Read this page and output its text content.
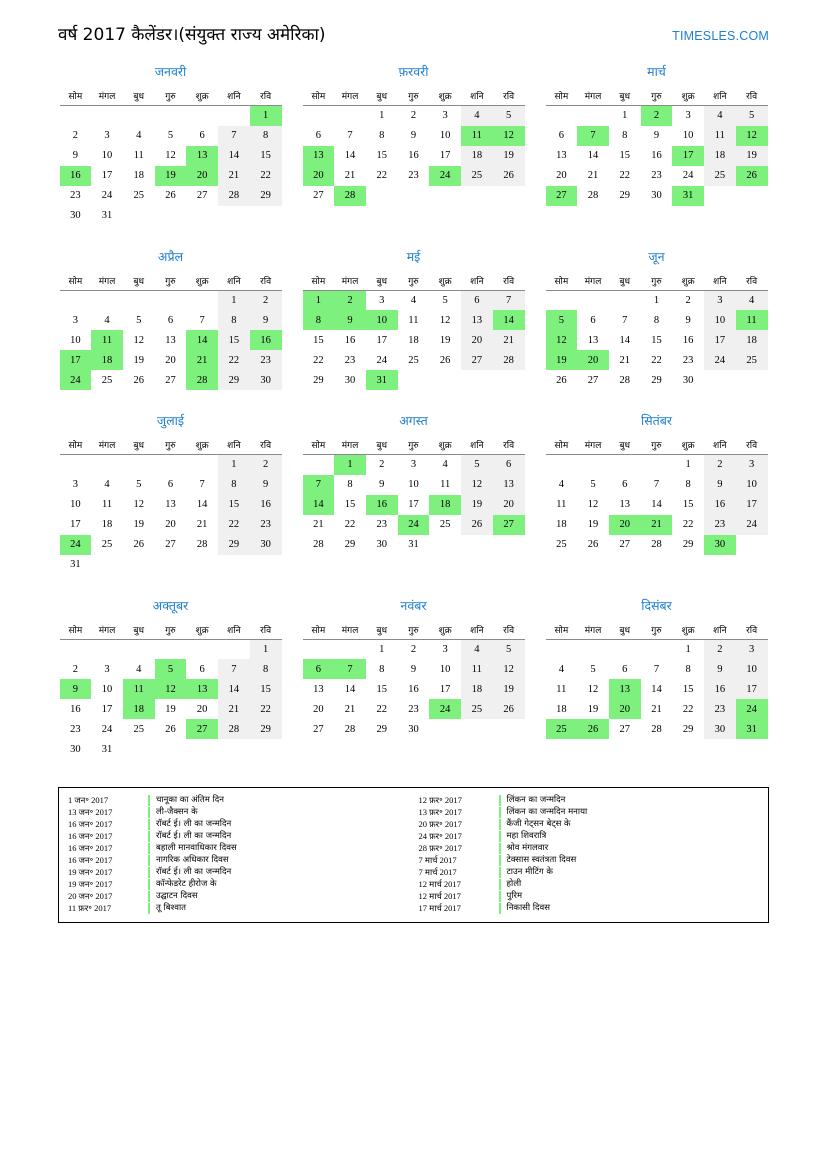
वर्ष 2017 कैलेंडर।(संयुक्त राज्य अमेरिका)	TIMESLES.COM
जनवरी
सोम	मंगल	बुध	गुरु	शुक्र	शनि	रवि
						1
2	3	4	5	6	7	8
9	10	11	12	13	14	15
16	17	18	19	20	21	22
23	24	25	26	27	28	29
30	31					
फ़रवरी
सोम	मंगल	बुध	गुरु	शुक्र	शनि	रवि
		1	2	3	4	5
6	7	8	9	10	11	12
13	14	15	16	17	18	19
20	21	22	23	24	25	26
27	28					
मार्च
सोम	मंगल	बुध	गुरु	शुक्र	शनि	रवि
		1	2	3	4	5
6	7	8	9	10	11	12
13	14	15	16	17	18	19
20	21	22	23	24	25	26
27	28	29	30	31		
अप्रैल
सोम	मंगल	बुध	गुरु	शुक्र	शनि	रवि
					1	2
3	4	5	6	7	8	9
10	11	12	13	14	15	16
17	18	19	20	21	22	23
24	25	26	27	28	29	30
मई
सोम	मंगल	बुध	गुरु	शुक्र	शनि	रवि
1	2	3	4	5	6	7
8	9	10	11	12	13	14
15	16	17	18	19	20	21
22	23	24	25	26	27	28
29	30	31				
जून
सोम	मंगल	बुध	गुरु	शुक्र	शनि	रवि
			1	2	3	4
5	6	7	8	9	10	11
12	13	14	15	16	17	18
19	20	21	22	23	24	25
26	27	28	29	30		
जुलाई
सोम	मंगल	बुध	गुरु	शुक्र	शनि	रवि
					1	2
3	4	5	6	7	8	9
10	11	12	13	14	15	16
17	18	19	20	21	22	23
24	25	26	27	28	29	30
31						
अगस्त
सोम	मंगल	बुध	गुरु	शुक्र	शनि	रवि
	1	2	3	4	5	6
7	8	9	10	11	12	13
14	15	16	17	18	19	20
21	22	23	24	25	26	27
28	29	30	31			
सितंबर
सोम	मंगल	बुध	गुरु	शुक्र	शनि	रवि
				1	2	3
4	5	6	7	8	9	10
11	12	13	14	15	16	17
18	19	20	21	22	23	24
25	26	27	28	29	30	
अक्तूबर
सोम	मंगल	बुध	गुरु	शुक्र	शनि	रवि
						1
2	3	4	5	6	7	8
9	10	11	12	13	14	15
16	17	18	19	20	21	22
23	24	25	26	27	28	29
30	31					
नवंबर
सोम	मंगल	बुध	गुरु	शुक्र	शनि	रवि
		1	2	3	4	5
6	7	8	9	10	11	12
13	14	15	16	17	18	19
20	21	22	23	24	25	26
27	28	29	30			
दिसंबर
सोम	मंगल	बुध	गुरु	शुक्र	शनि	रवि
				1	2	3
4	5	6	7	8	9	10
11	12	13	14	15	16	17
18	19	20	21	22	23	24
25	26	27	28	29	30	31
1 जन॰ 2017	चानूका का अंतिम दिन
13 जन॰ 2017	ली-जैक्सन के
16 जन॰ 2017	रॉबर्ट ई। ली का जन्मदिन
16 जन॰ 2017	रॉबर्ट ई। ली का जन्मदिन
16 जन॰ 2017	बहाली मानवाधिकार दिवस
16 जन॰ 2017	नागरिक अधिकार दिवस
19 जन॰ 2017	रॉबर्ट ई। ली का जन्मदिन
19 जन॰ 2017	कॉन्फेडरेट हीरोज के
20 जन॰ 2017	उद्घाटन दिवस
11 फ़र॰ 2017	तू बिश्वात
12 फ़र॰ 2017	लिंकन का जन्मदिन
13 फ़र॰ 2017	लिंकन का जन्मदिन मनाया
20 फ़र॰ 2017	कैंजी गेट्सन बेट्स के
24 फ़र॰ 2017	महा शिवरात्रि
28 फ़र॰ 2017	श्रोव मंगलवार
7 मार्च 2017	टेक्सास स्वतंत्रता दिवस
7 मार्च 2017	टाउन मीटिंग के
12 मार्च 2017	होली
12 मार्च 2017	पुरिम
17 मार्च 2017	निकासी दिवस
